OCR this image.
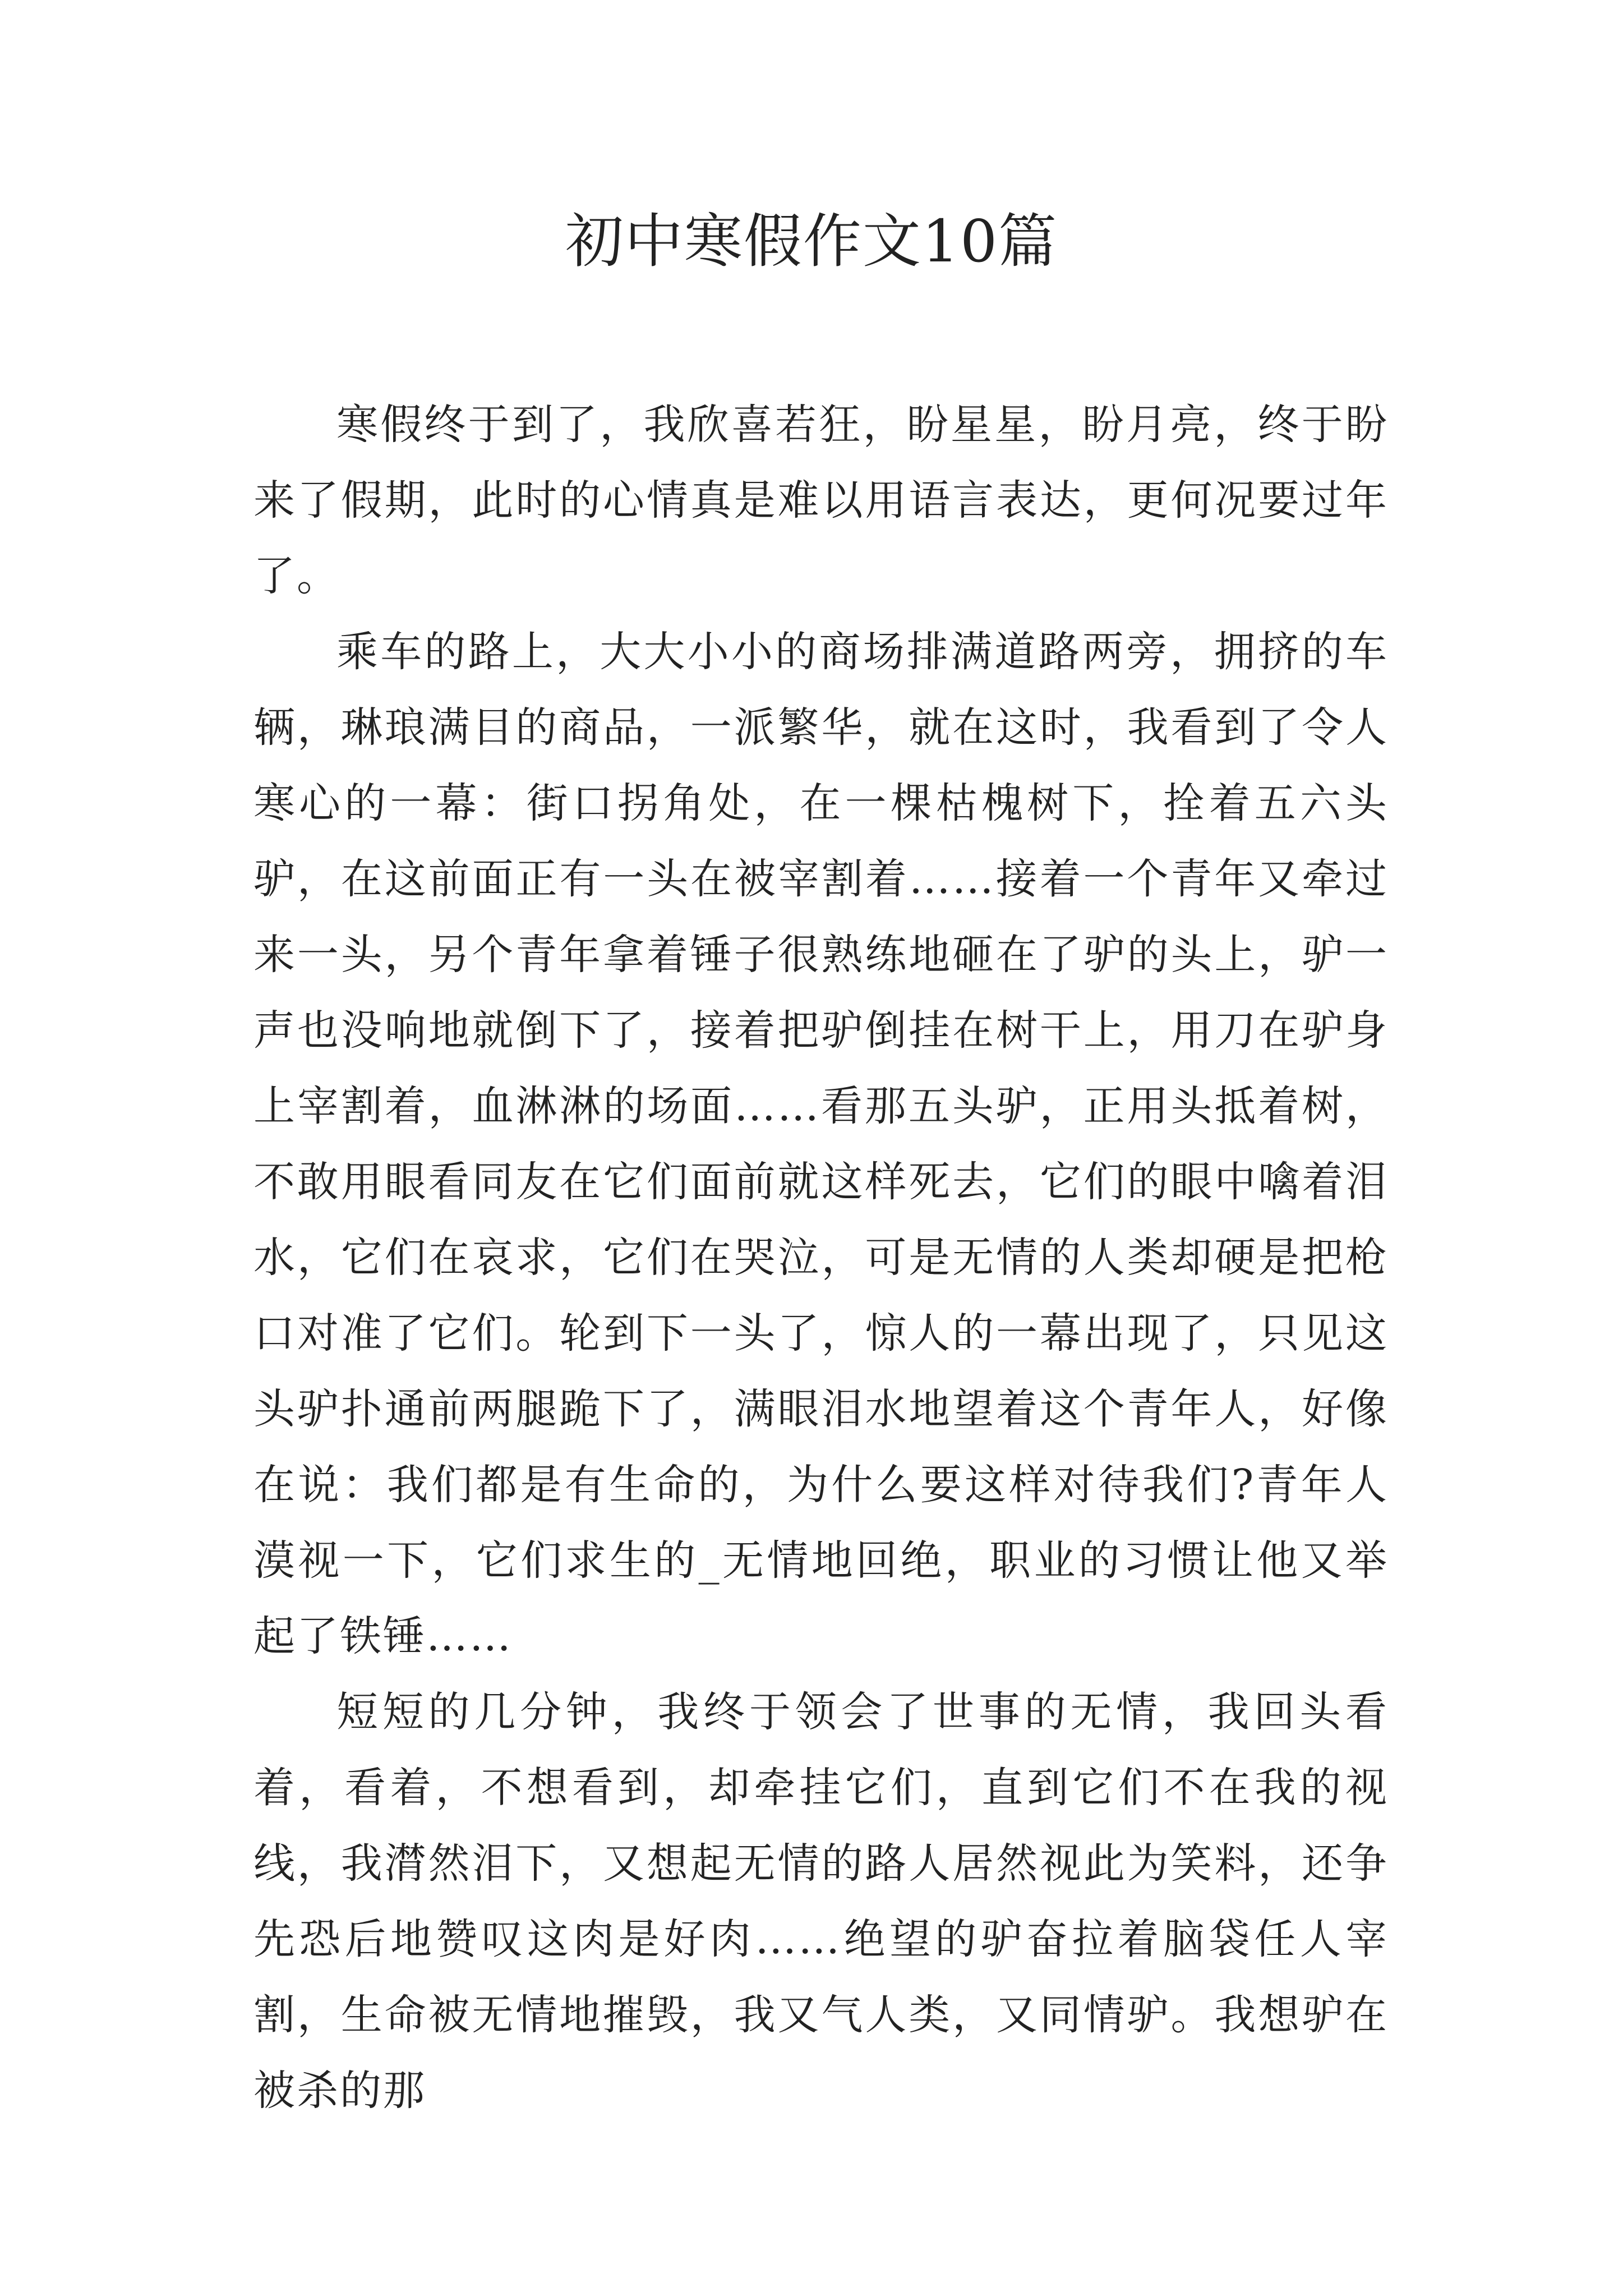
初中寒假作文10篇

寒假终于到了，我欣喜若狂，盼星星，盼月亮，终于盼来了假期，此时的心情真是难以用语言表达，更何况要过年了。

乘车的路上，大大小小的商场排满道路两旁，拥挤的车辆，琳琅满目的商品，一派繁华，就在这时，我看到了令人寒心的一幕：街口拐角处，在一棵枯槐树下，拴着五六头驴，在这前面正有一头在被宰割着……接着一个青年又牵过来一头，另个青年拿着锤子很熟练地砸在了驴的头上，驴一声也没响地就倒下了，接着把驴倒挂在树干上，用刀在驴身上宰割着，血淋淋的场面……看那五头驴，正用头抵着树，不敢用眼看同友在它们面前就这样死去，它们的眼中噙着泪水，它们在哀求，它们在哭泣，可是无情的人类却硬是把枪口对准了它们。轮到下一头了，惊人的一幕出现了，只见这头驴扑通前两腿跪下了，满眼泪水地望着这个青年人，好像在说：我们都是有生命的，为什么要这样对待我们?青年人漠视一下，它们求生的_无情地回绝，职业的习惯让他又举起了铁锤……

短短的几分钟，我终于领会了世事的无情，我回头看着，看着，不想看到，却牵挂它们，直到它们不在我的视线，我潸然泪下，又想起无情的路人居然视此为笑料，还争先恐后地赞叹这肉是好肉……绝望的驴奋拉着脑袋任人宰割，生命被无情地摧毁，我又气人类，又同情驴。我想驴在被杀的那
